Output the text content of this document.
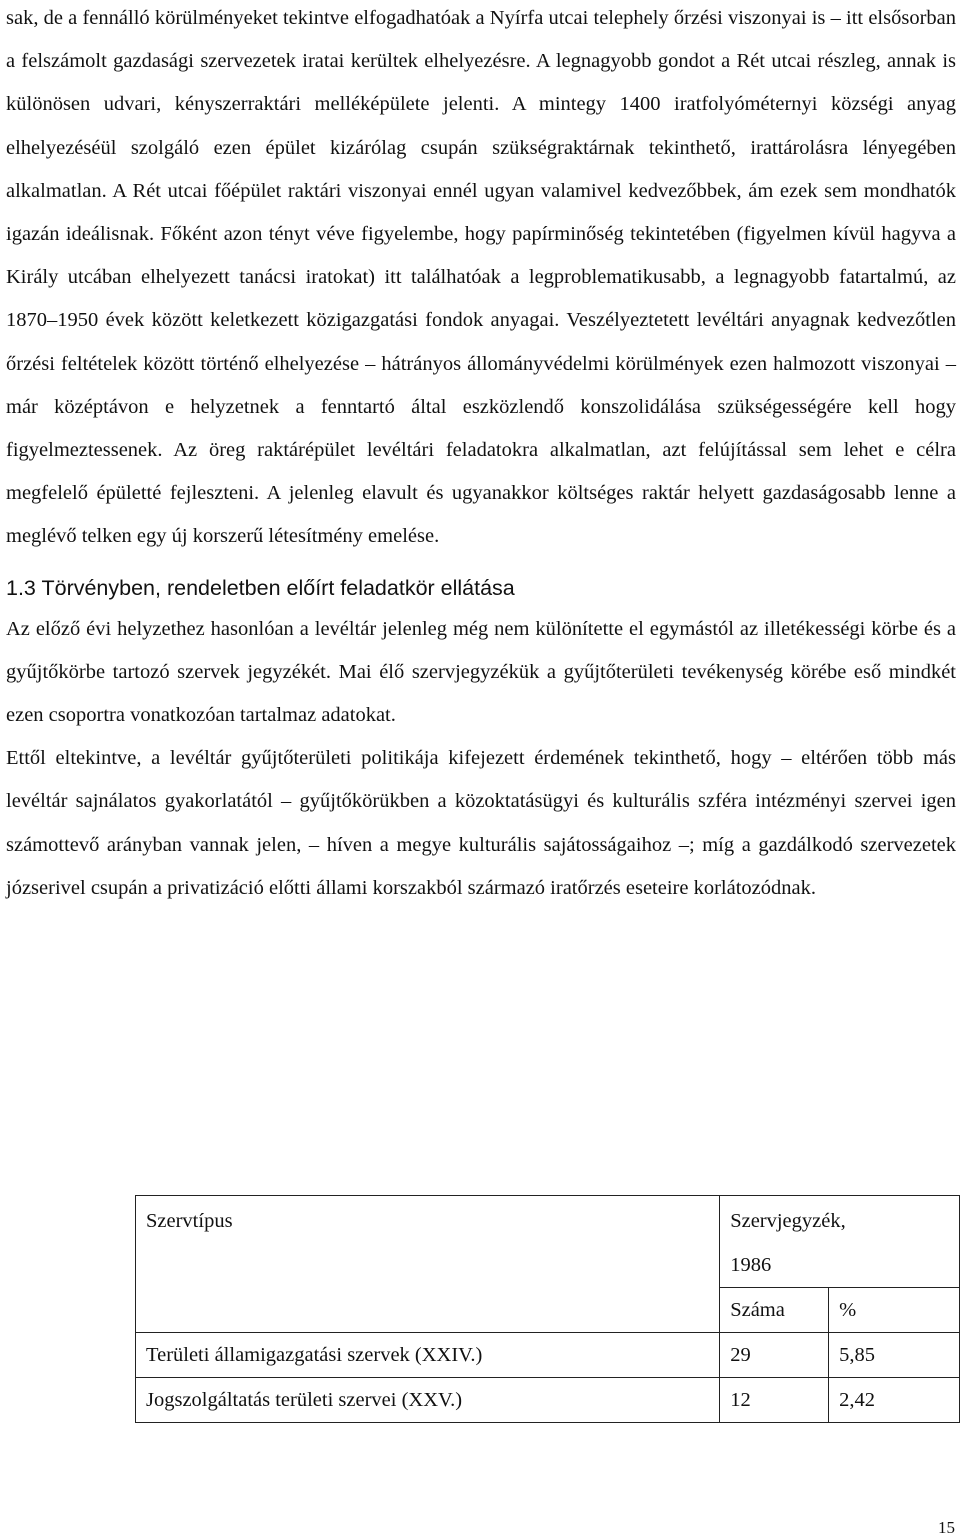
sak, de a fennálló körülményeket tekintve elfogadhatóak a Nyírfa utcai telephely őrzési viszonyai is – itt elsősorban a felszámolt gazdasági szervezetek iratai kerültek elhelyezésre. A legnagyobb gondot a Rét utcai részleg, annak is különösen udvari, kényszerraktári melléképülete jelenti. A mintegy 1400 iratfolyóméternyi községi anyag elhelyezéséül szolgáló ezen épület kizárólag csupán szükségraktárnak tekinthető, irattárolásra lényegében alkalmatlan. A Rét utcai főépület raktári viszonyai ennél ugyan valamivel kedvezőbbek, ám ezek sem mondhatók igazán ideálisnak. Főként azon tényt véve figyelembe, hogy papírminőség tekintetében (figyelmen kívül hagyva a Király utcában elhelyezett tanácsi iratokat) itt találhatóak a legproblematikusabb, a legnagyobb fatartalmú, az 1870–1950 évek között keletkezett közigazgatási fondok anyagai. Veszélyeztetett levéltári anyagnak kedvezőtlen őrzési feltételek között történő elhelyezése – hátrányos állományvédelmi körülmények ezen halmozott viszonyai – már középtávon e helyzetnek a fenntartó által eszközlendő konszolidálása szükségességére kell hogy figyelmeztessenek. Az öreg raktárépület levéltári feladatokra alkalmatlan, azt felújítással sem lehet e célra megfelelő épületté fejleszteni. A jelenleg elavult és ugyanakkor költséges raktár helyett gazdaságosabb lenne a meglévő telken egy új korszerű létesítmény emelése.

1.3 Törvényben, rendeletben előírt feladatkör ellátása

Az előző évi helyzethez hasonlóan a levéltár jelenleg még nem különítette el egymástól az illetékességi körbe és a gyűjtőkörbe tartozó szervek jegyzékét. Mai élő szervjegyzékük a gyűjtőterületi tevékenység körébe eső mindkét ezen csoportra vonatkozóan tartalmaz adatokat.

Ettől eltekintve, a levéltár gyűjtőterületi politikája kifejezett érdemének tekinthető, hogy – eltérően több más levéltár sajnálatos gyakorlatától – gyűjtőkörükben a közoktatásügyi és kulturális szféra intézményi szervei igen számottevő arányban vannak jelen, – híven a megye kulturális sajátosságaihoz –; míg a gazdálkodó szervezetek józserivel csupán a privatizáció előtti állami korszakból származó iratőrzés eseteire korlátozódnak.

Szervtípus	Szervjegyzék,
1986	

	Száma	%
Területi államigazgatási szervek (XXIV.)	29	5,85
Jogszolgáltatás területi szervei (XXV.)	12	2,42
15
